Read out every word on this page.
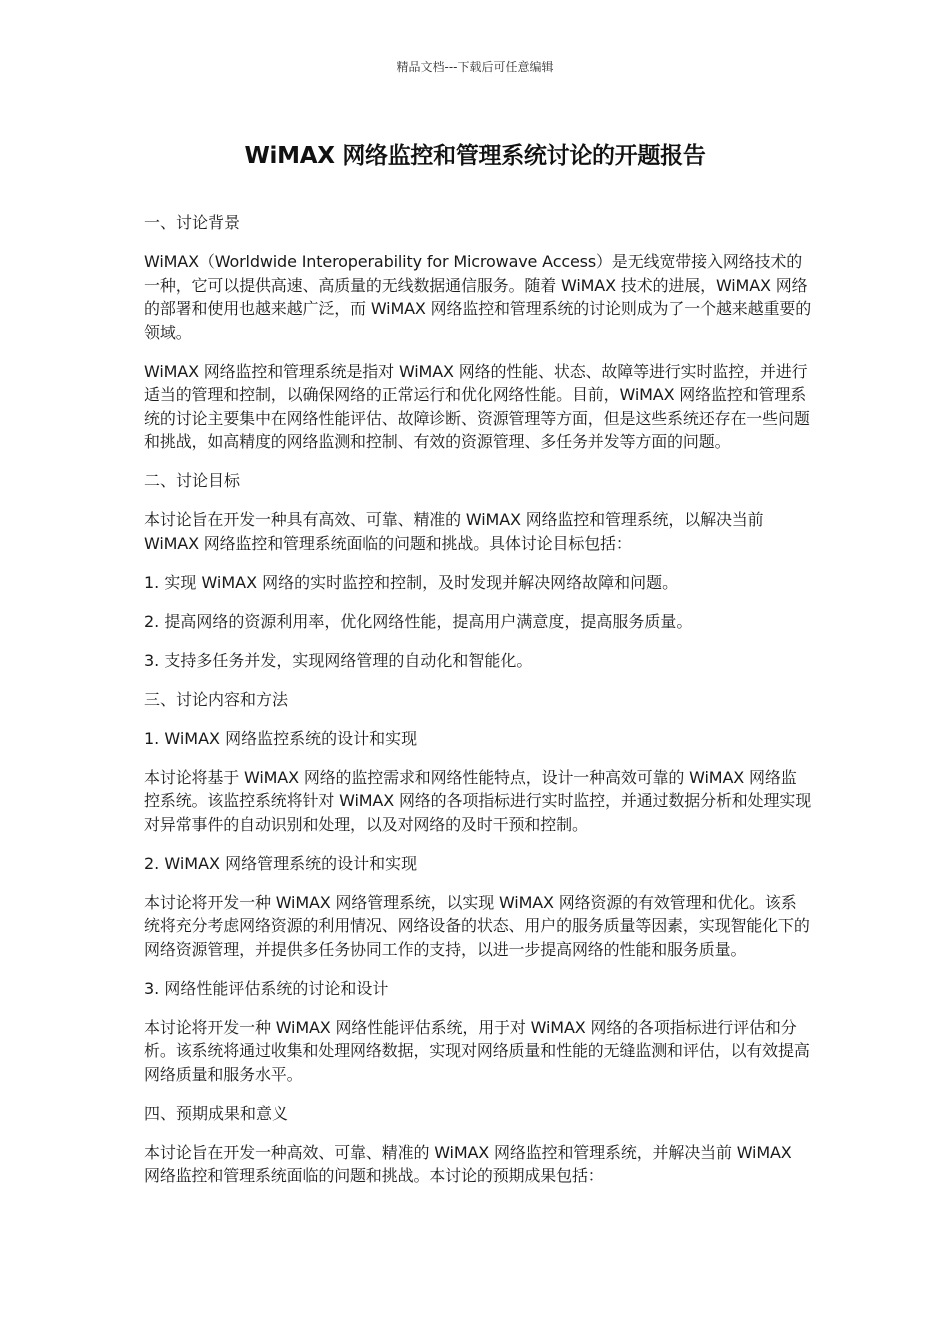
精品文档---下载后可任意编辑
WiMAX 网络监控和管理系统讨论的开题报告

一、讨论背景

WiMAX（Worldwide Interoperability for Microwave Access）是无线宽带接入网络技术的一种，它可以提供高速、高质量的无线数据通信服务。随着 WiMAX 技术的进展，WiMAX 网络的部署和使用也越来越广泛，而 WiMAX 网络监控和管理系统的讨论则成为了一个越来越重要的领域。

WiMAX 网络监控和管理系统是指对 WiMAX 网络的性能、状态、故障等进行实时监控，并进行适当的管理和控制，以确保网络的正常运行和优化网络性能。目前，WiMAX 网络监控和管理系统的讨论主要集中在网络性能评估、故障诊断、资源管理等方面，但是这些系统还存在一些问题和挑战，如高精度的网络监测和控制、有效的资源管理、多任务并发等方面的问题。

二、讨论目标

本讨论旨在开发一种具有高效、可靠、精准的 WiMAX 网络监控和管理系统，以解决当前 WiMAX 网络监控和管理系统面临的问题和挑战。具体讨论目标包括：

1. 实现 WiMAX 网络的实时监控和控制，及时发现并解决网络故障和问题。

2. 提高网络的资源利用率，优化网络性能，提高用户满意度，提高服务质量。

3. 支持多任务并发，实现网络管理的自动化和智能化。

三、讨论内容和方法

1. WiMAX 网络监控系统的设计和实现

本讨论将基于 WiMAX 网络的监控需求和网络性能特点，设计一种高效可靠的 WiMAX 网络监控系统。该监控系统将针对 WiMAX 网络的各项指标进行实时监控，并通过数据分析和处理实现对异常事件的自动识别和处理，以及对网络的及时干预和控制。

2. WiMAX 网络管理系统的设计和实现

本讨论将开发一种 WiMAX 网络管理系统，以实现 WiMAX 网络资源的有效管理和优化。该系统将充分考虑网络资源的利用情况、网络设备的状态、用户的服务质量等因素，实现智能化下的网络资源管理，并提供多任务协同工作的支持，以进一步提高网络的性能和服务质量。

3. 网络性能评估系统的讨论和设计

本讨论将开发一种 WiMAX 网络性能评估系统，用于对 WiMAX 网络的各项指标进行评估和分析。该系统将通过收集和处理网络数据，实现对网络质量和性能的无缝监测和评估，以有效提高网络质量和服务水平。

四、预期成果和意义

本讨论旨在开发一种高效、可靠、精准的 WiMAX 网络监控和管理系统，并解决当前 WiMAX 网络监控和管理系统面临的问题和挑战。本讨论的预期成果包括：
